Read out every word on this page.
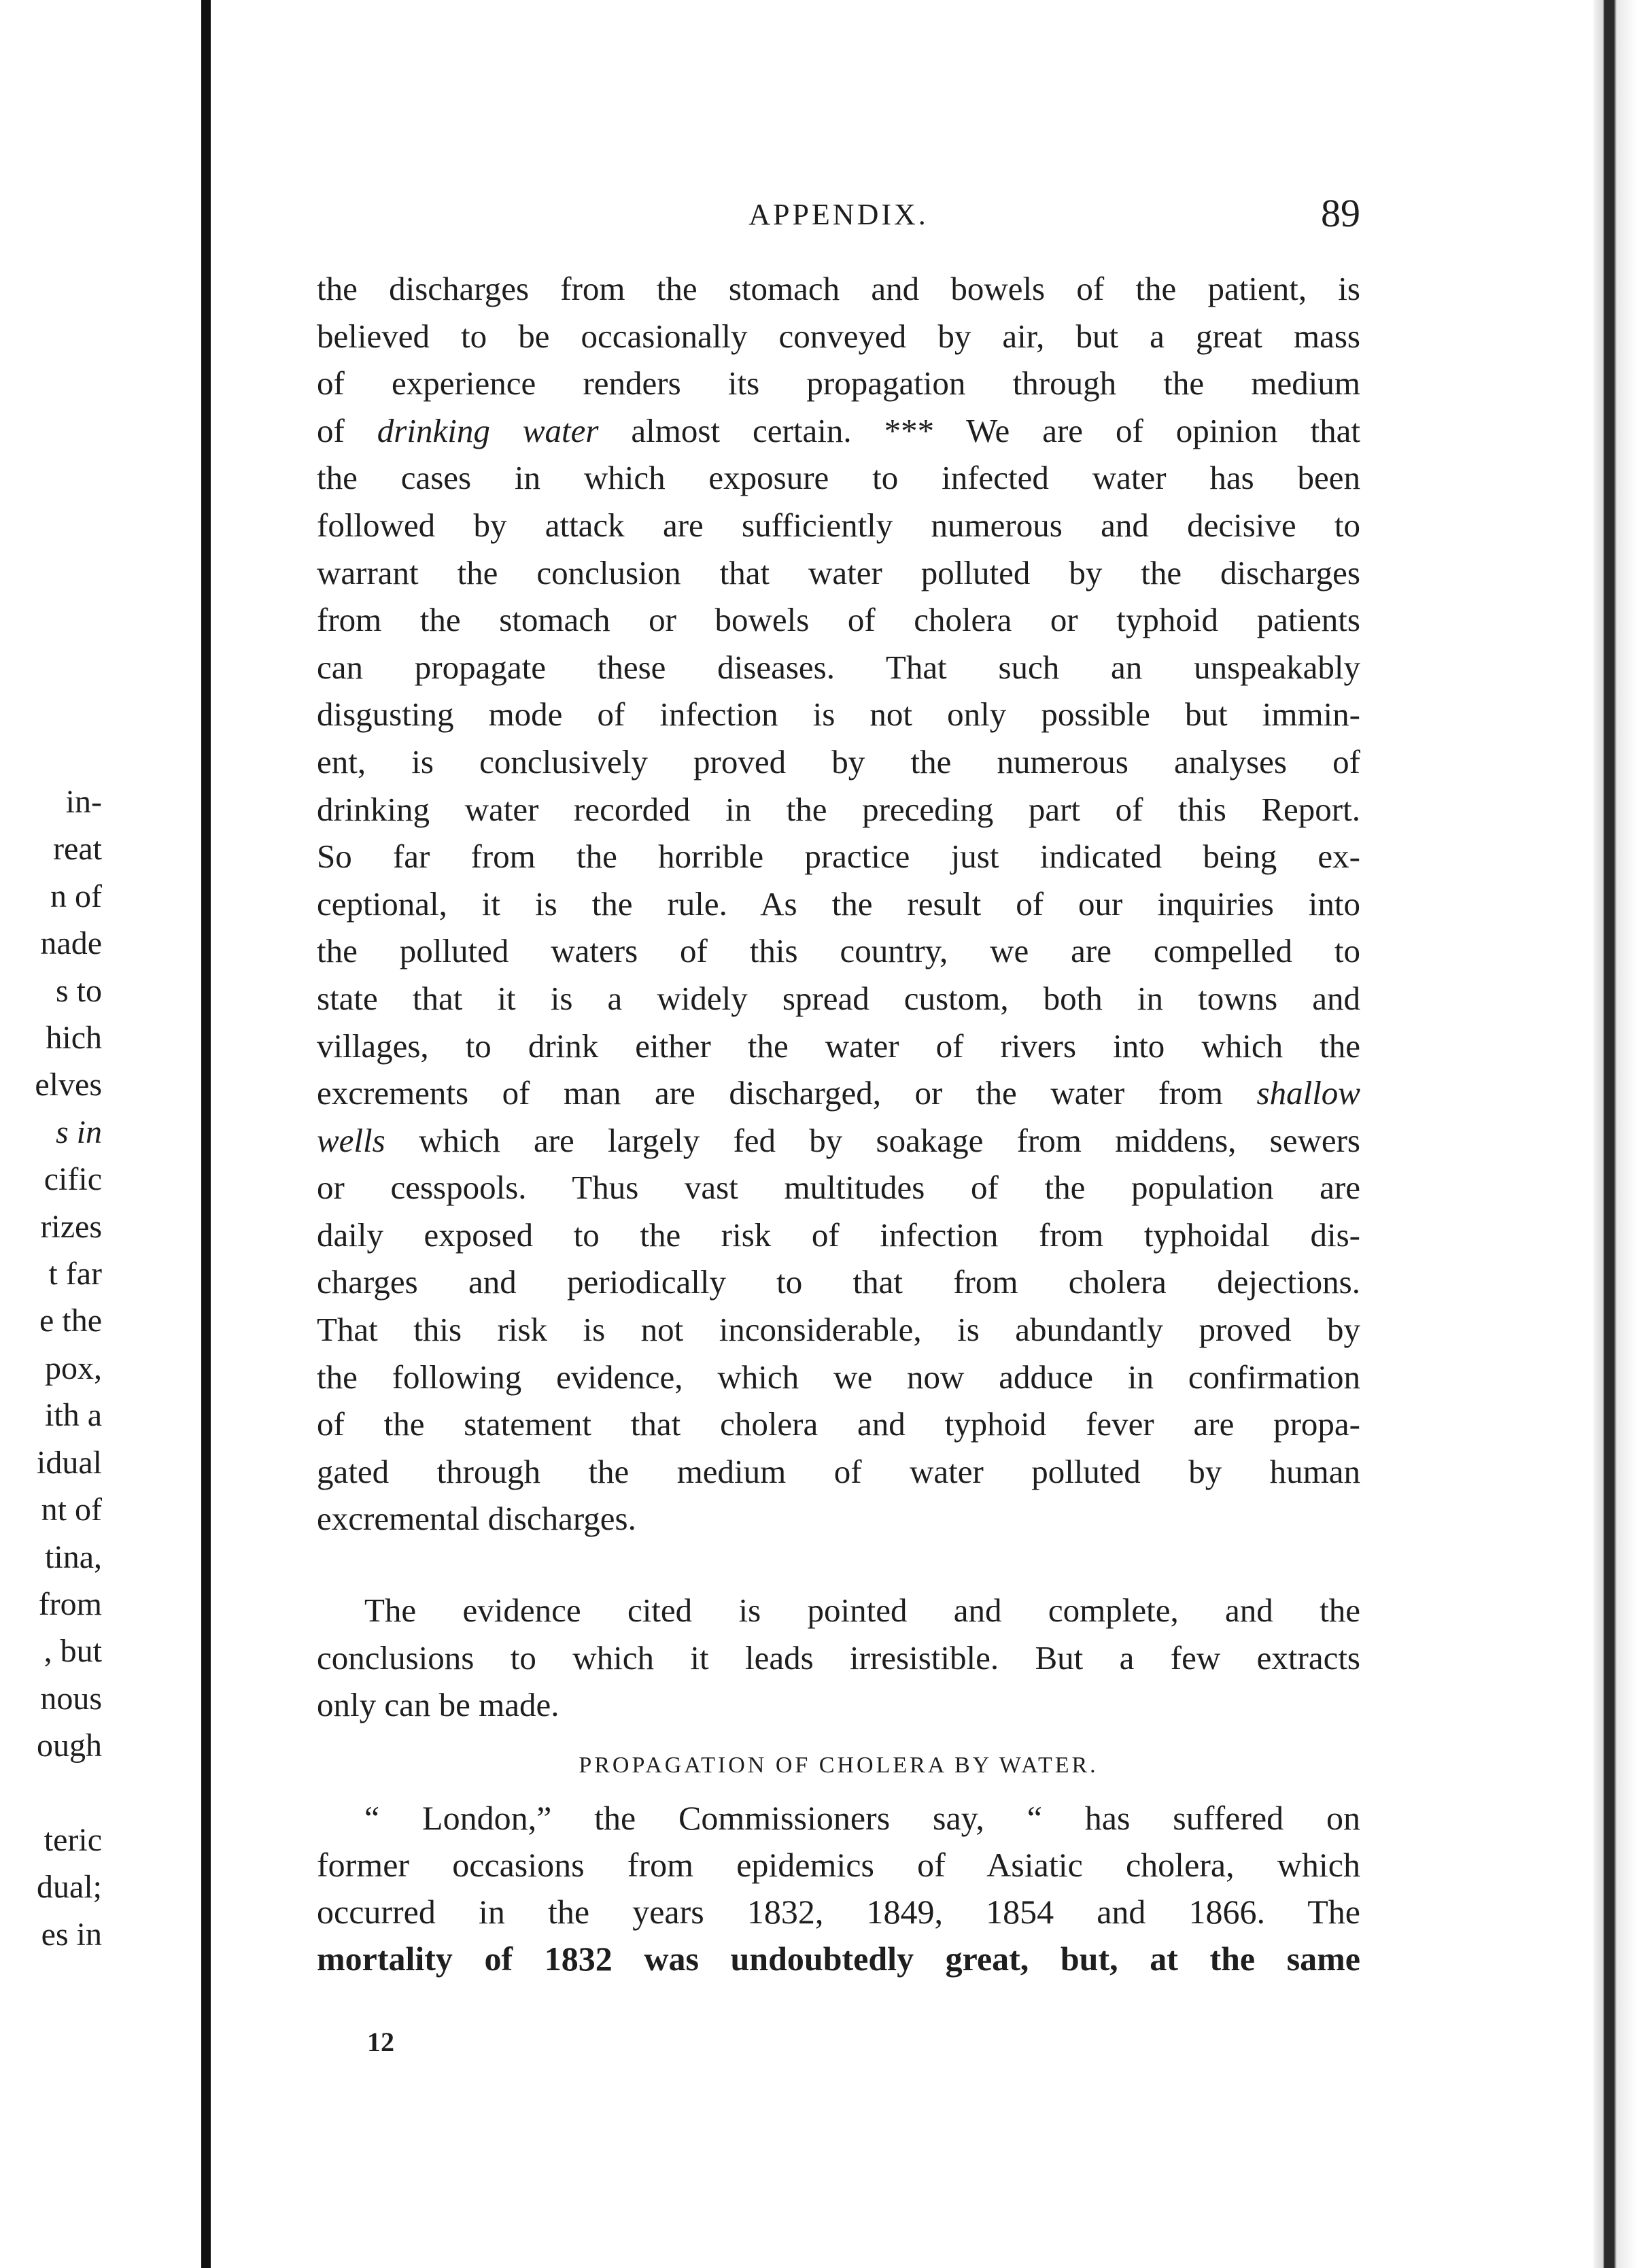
in-
reat
n of
nade
s to
hich
elves
s in
cific
rizes
t far
e the
pox,
ith a
idual
nt of
tina,
from
, but
nous
ough

teric
dual;
es in
APPENDIX.	89
the discharges from the stomach and bowels of the patient, is
believed to be occasionally conveyed by air, but a great mass
of experience renders its propagation through the medium
of drinking water almost certain. *** We are of opinion that
the cases in which exposure to infected water has been
followed by attack are sufficiently numerous and decisive to
warrant the conclusion that water polluted by the discharges
from the stomach or bowels of cholera or typhoid patients
can propagate these diseases. That such an unspeakably
disgusting mode of infection is not only possible but immin-
ent, is conclusively proved by the numerous analyses of
drinking water recorded in the preceding part of this Report.
So far from the horrible practice just indicated being ex-
ceptional, it is the rule. As the result of our inquiries into
the polluted waters of this country, we are compelled to
state that it is a widely spread custom, both in towns and
villages, to drink either the water of rivers into which the
excrements of man are discharged, or the water from shallow
wells which are largely fed by soakage from middens, sewers
or cesspools. Thus vast multitudes of the population are
daily exposed to the risk of infection from typhoidal dis-
charges and periodically to that from cholera dejections.
That this risk is not inconsiderable, is abundantly proved by
the following evidence, which we now adduce in confirmation
of the statement that cholera and typhoid fever are propa-
gated through the medium of water polluted by human
excremental discharges.
The evidence cited is pointed and complete, and the
conclusions to which it leads irresistible. But a few extracts
only can be made.
PROPAGATION OF CHOLERA BY WATER.
“ London,” the Commissioners say, “ has suffered on
former occasions from epidemics of Asiatic cholera, which
occurred in the years 1832, 1849, 1854 and 1866. The
mortality of 1832 was undoubtedly great, but, at the same
12
